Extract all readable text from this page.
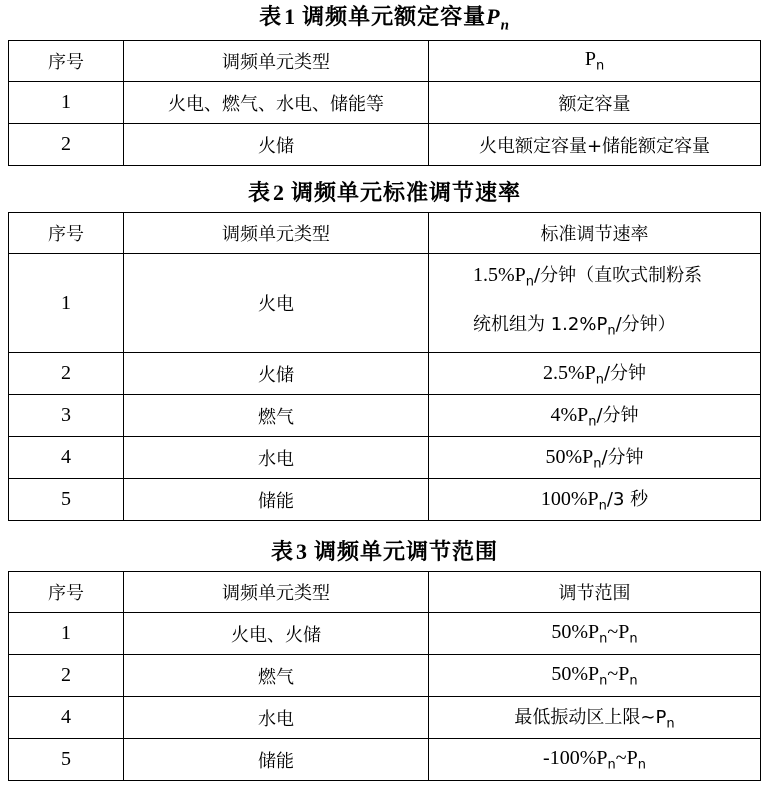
表1 调频单元额定容量$P_n$
序号	调频单元类型	$P_n$
1	火电、燃气、水电、储能等	额定容量
2	火储	火电额定容量+储能额定容量
表2 调频单元标准调节速率
序号	调频单元类型	标准调节速率
1	火电	$1.5\%P_n/$分钟（直吹式制粉系
统机组为 $1.2\%P_n/$分钟）

2	火储	$2.5\%P_n/$分钟
3	燃气	$4\%P_n/$分钟
4	水电	$50\%P_n/$分钟
5	储能	$100\%P_n/3$ 秒
表3 调频单元调节范围
序号	调频单元类型	调节范围
1	火电、火储	$50\%P_n\sim P_n$
2	燃气	$50\%P_n\sim P_n$
4	水电	最低振动区上限$\sim P_n$
5	储能	$-100\%P_n\sim P_n$
